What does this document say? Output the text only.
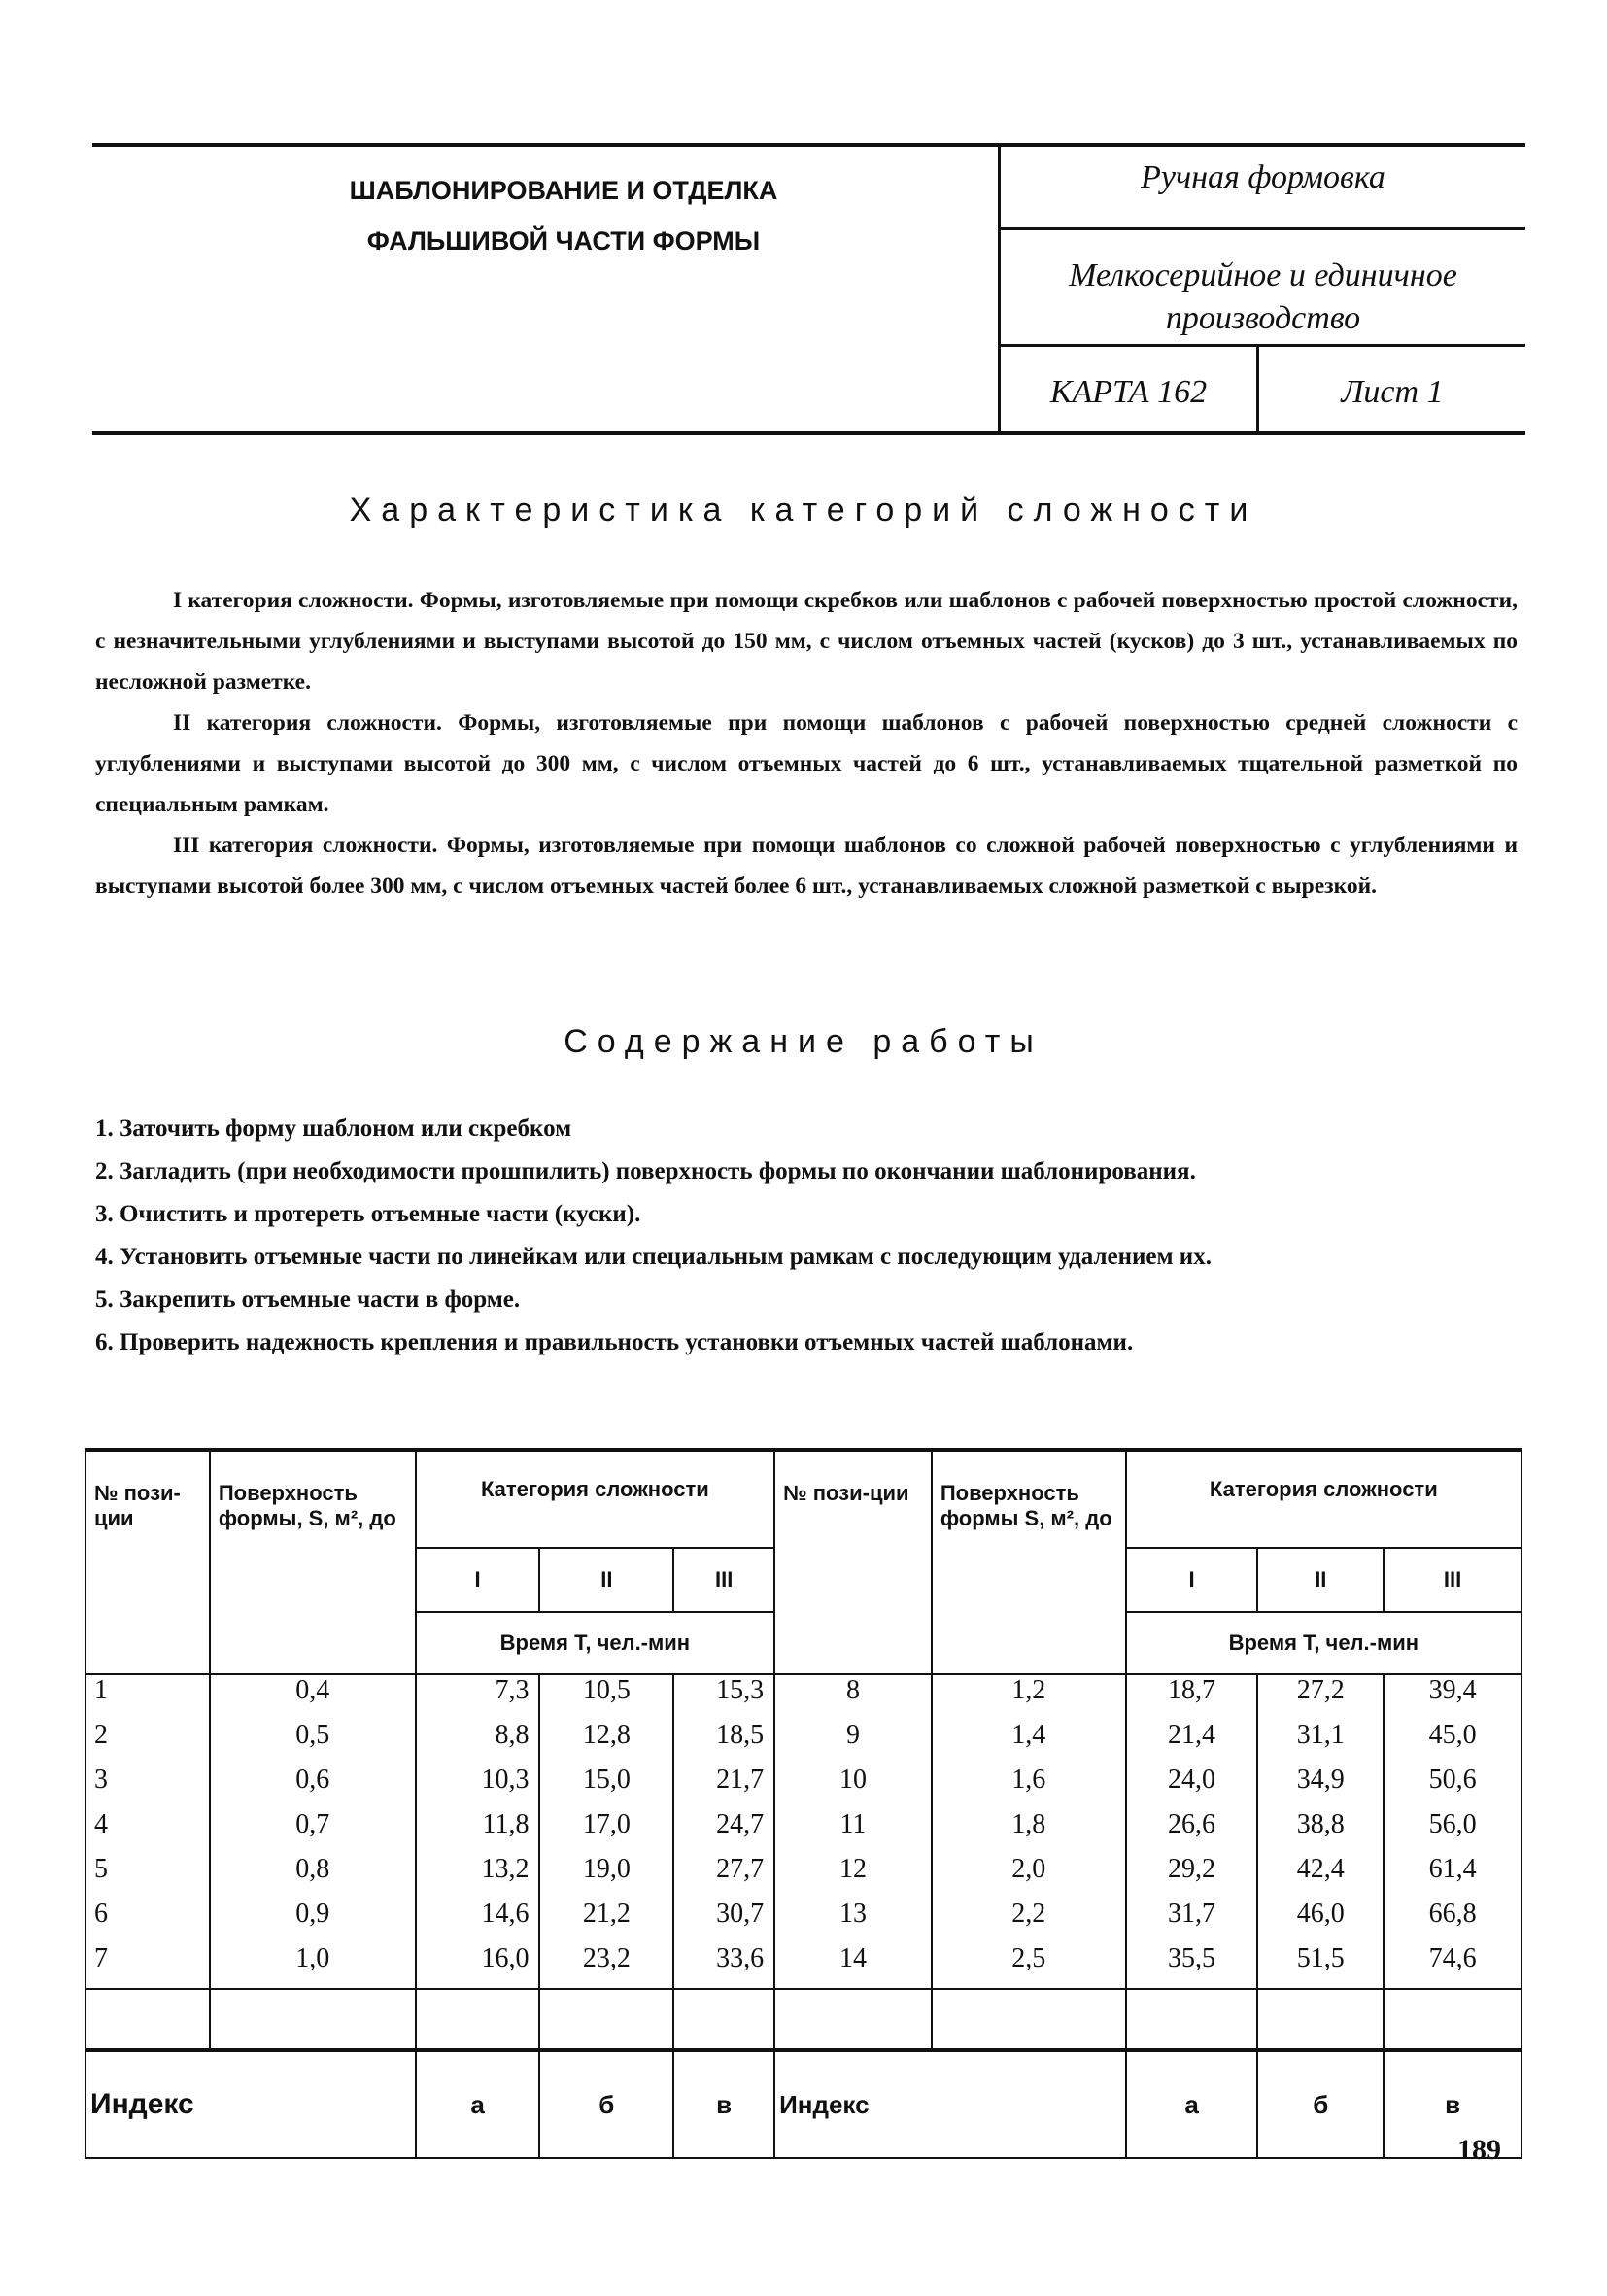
ШАБЛОНИРОВАНИЕ И ОТДЕЛКА
ФАЛЬШИВОЙ ЧАСТИ ФОРМЫ
Ручная формовка
Мелкосерийное и единичное
производство
КАРТА 162	Лист 1
Характеристика категорий сложности

I категория сложности. Формы, изготовляемые при помощи скребков или шаблонов с рабочей поверхностью простой сложности, с незначительными углублениями и выступами высотой до 150 мм, с числом отъемных частей (кусков) до 3 шт., устанавливаемых по несложной разметке.

II категория сложности. Формы, изготовляемые при помощи шаблонов с рабочей поверхностью средней сложности с углублениями и выступами высотой до 300 мм, с числом отъемных частей до 6 шт., устанавливаемых тщательной разметкой по специальным рамкам.

III категория сложности. Формы, изготовляемые при помощи шаблонов со сложной рабочей поверхностью с углублениями и выступами высотой более 300 мм, с числом отъемных частей более 6 шт., устанавливаемых сложной разметкой с вырезкой.

Содержание работы
1. Заточить форму шаблоном или скребком
2. Загладить (при необходимости прошпилить) поверхность формы по окончании шаблонирования.
3. Очистить и протереть отъемные части (куски).
4. Установить отъемные части по линейкам или специальным рамкам с последующим удалением их.
5. Закрепить отъемные части в форме.
6. Проверить надежность крепления и правильность установки отъемных частей шаблонами.
№ пози-ции	Поверхность формы, S, м², до	Категория сложности			№ пози-ции	Поверхность формы S, м², до	Категория сложности		
		I	II	III			I	II	III
		Время Т, чел.-мин					Время Т, чел.-мин		
1	0,4	7,3	10,5	15,3	8	1,2	18,7	27,2	39,4
2	0,5	8,8	12,8	18,5	9	1,4	21,4	31,1	45,0
3	0,6	10,3	15,0	21,7	10	1,6	24,0	34,9	50,6
4	0,7	11,8	17,0	24,7	11	1,8	26,6	38,8	56,0
5	0,8	13,2	19,0	27,7	12	2,0	29,2	42,4	61,4
6	0,9	14,6	21,2	30,7	13	2,2	31,7	46,0	66,8
7	1,0	16,0	23,2	33,6	14	2,5	35,5	51,5	74,6

Индекс		а	б	в	Индекс		а	б	в
189
